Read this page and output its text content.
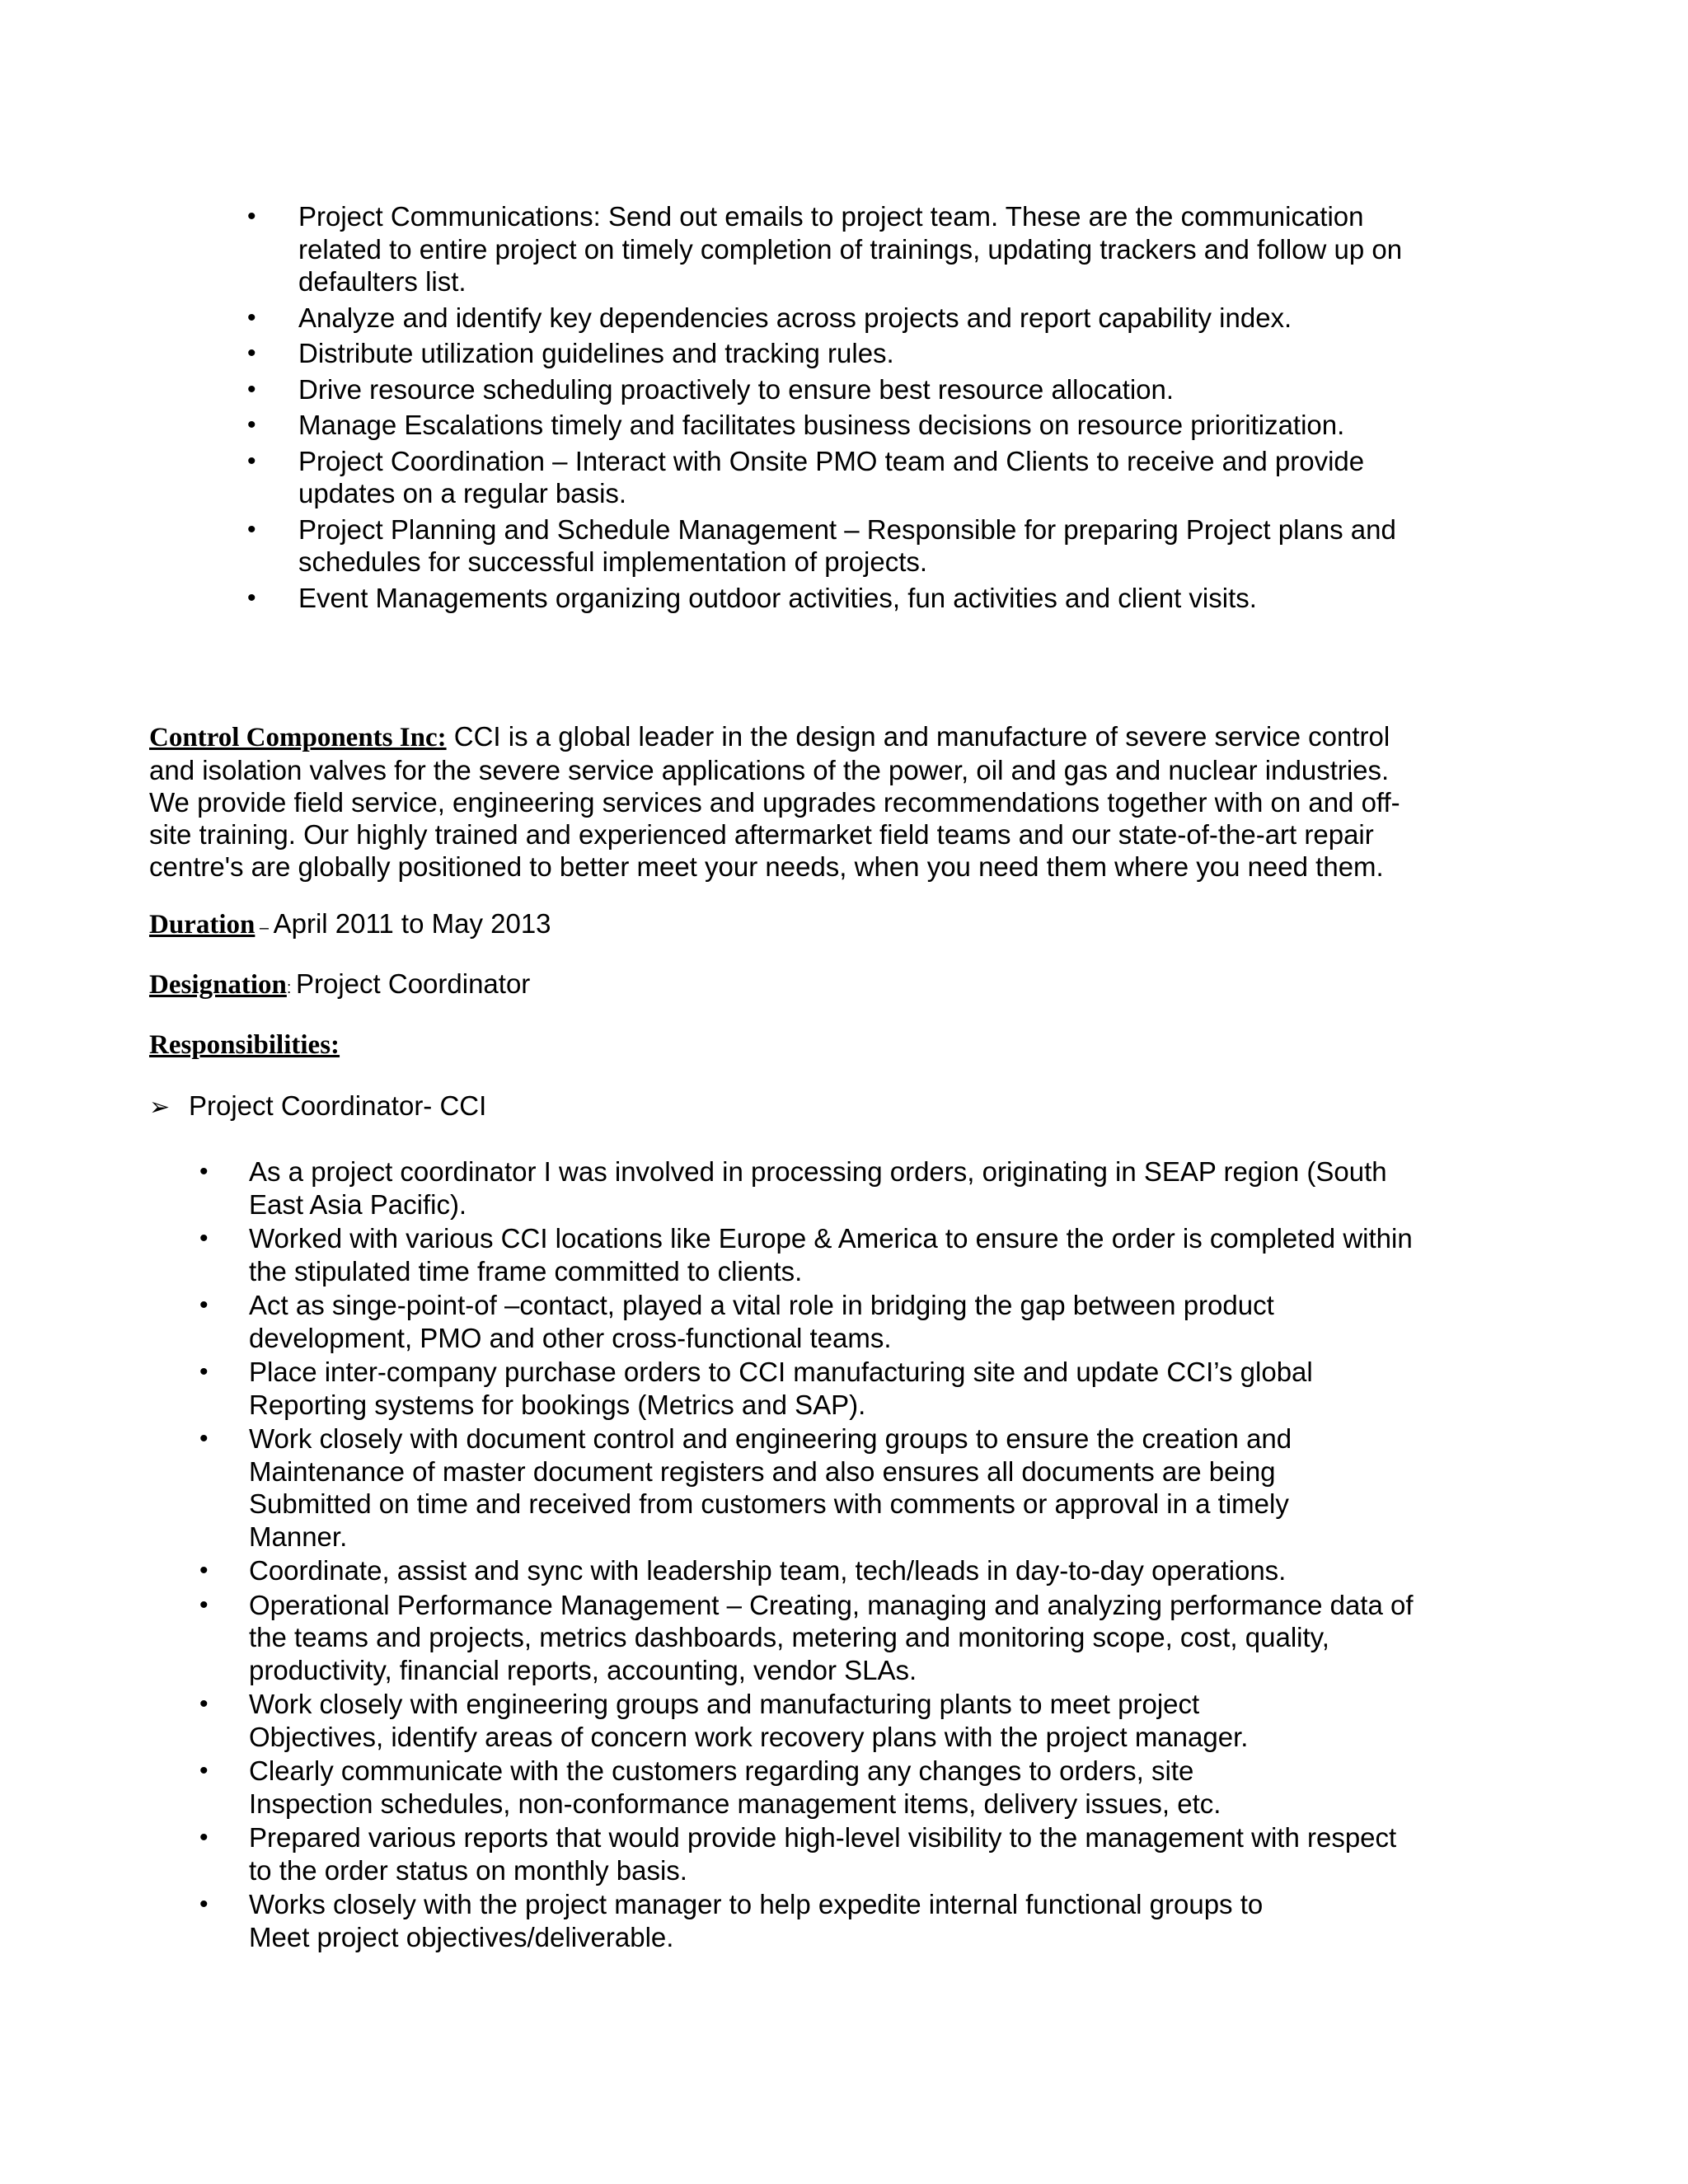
• Project Communications: Send out emails to project team. These are the communication
related to entire project on timely completion of trainings, updating trackers and follow up on
defaulters list.
• Analyze and identify key dependencies across projects and report capability index.
• Distribute utilization guidelines and tracking rules.
• Drive resource scheduling proactively to ensure best resource allocation.
• Manage Escalations timely and facilitates business decisions on resource prioritization.
• Project Coordination – Interact with Onsite PMO team and Clients to receive and provide
updates on a regular basis.
• Project Planning and Schedule Management – Responsible for preparing Project plans and
schedules for successful implementation of projects.
• Event Managements organizing outdoor activities, fun activities and client visits.

Control Components Inc: CCI is a global leader in the design and manufacture of severe service control
and isolation valves for the severe service applications of the power, oil and gas and nuclear industries.
We provide field service, engineering services and upgrades recommendations together with on and off-
site training. Our highly trained and experienced aftermarket field teams and our state-of-the-art repair
centre's are globally positioned to better meet your needs, when you need them where you need them.

Duration – April 2011 to May 2013

Designation: Project Coordinator

Responsibilities:

➢ Project Coordinator- CCI

• As a project coordinator I was involved in processing orders, originating in SEAP region (South
East Asia Pacific).
• Worked with various CCI locations like Europe & America to ensure the order is completed within
the stipulated time frame committed to clients.
• Act as singe-point-of –contact, played a vital role in bridging the gap between product
development, PMO and other cross-functional teams.
• Place inter-company purchase orders to CCI manufacturing site and update CCI’s global
Reporting systems for bookings (Metrics and SAP).
• Work closely with document control and engineering groups to ensure the creation and
Maintenance of master document registers and also ensures all documents are being
Submitted on time and received from customers with comments or approval in a timely
Manner.
• Coordinate, assist and sync with leadership team, tech/leads in day-to-day operations.
• Operational Performance Management – Creating, managing and analyzing performance data of
the teams and projects, metrics dashboards, metering and monitoring scope, cost, quality,
productivity, financial reports, accounting, vendor SLAs.
• Work closely with engineering groups and manufacturing plants to meet project
Objectives, identify areas of concern work recovery plans with the project manager.
• Clearly communicate with the customers regarding any changes to orders, site
Inspection schedules, non-conformance management items, delivery issues, etc.
• Prepared various reports that would provide high-level visibility to the management with respect
to the order status on monthly basis.
• Works closely with the project manager to help expedite internal functional groups to
Meet project objectives/deliverable.
